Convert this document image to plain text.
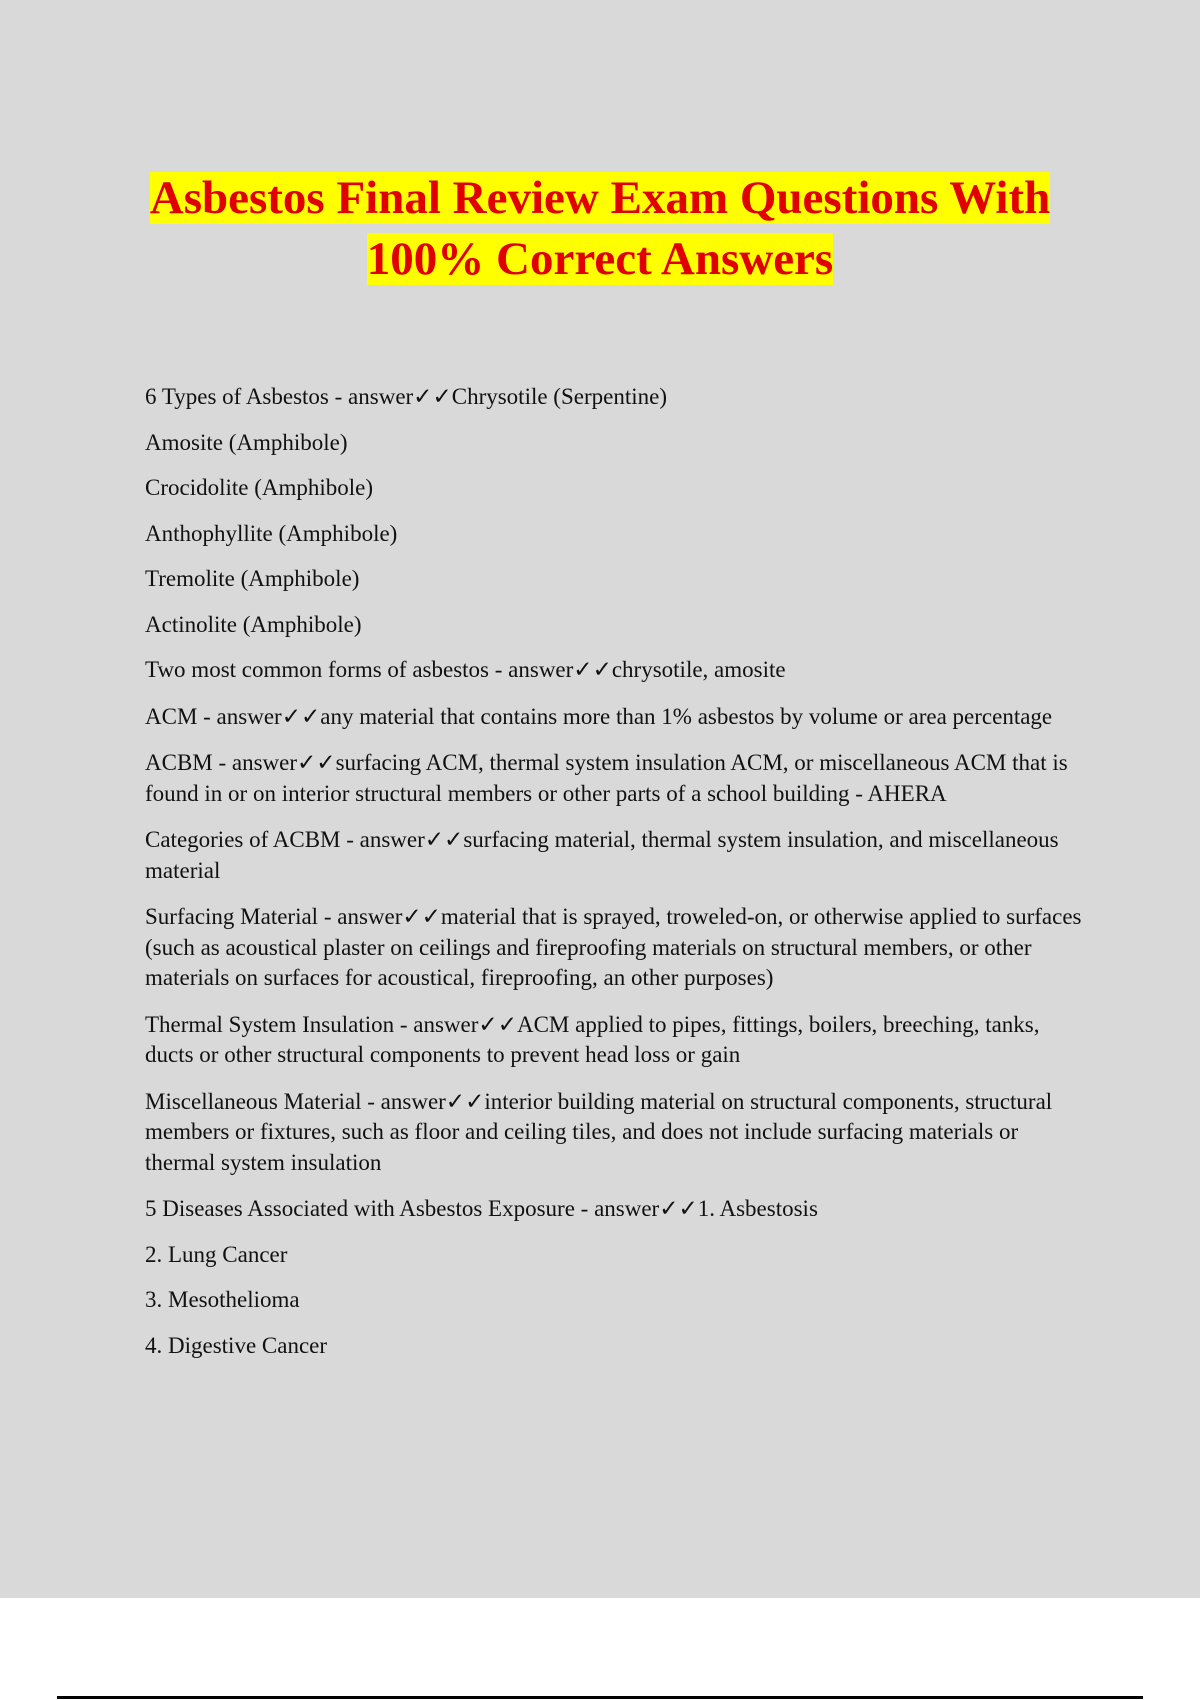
Asbestos Final Review Exam Questions With
100% Correct Answers

6 Types of Asbestos - answer✓✓Chrysotile (Serpentine)

Amosite (Amphibole)

Crocidolite (Amphibole)

Anthophyllite (Amphibole)

Tremolite (Amphibole)

Actinolite (Amphibole)

Two most common forms of asbestos - answer✓✓chrysotile, amosite

ACM - answer✓✓any material that contains more than 1% asbestos by volume or area percentage

ACBM - answer✓✓surfacing ACM, thermal system insulation ACM, or miscellaneous ACM that is found in or on interior structural members or other parts of a school building - AHERA

Categories of ACBM - answer✓✓surfacing material, thermal system insulation, and miscellaneous material

Surfacing Material - answer✓✓material that is sprayed, troweled-on, or otherwise applied to surfaces (such as acoustical plaster on ceilings and fireproofing materials on structural members, or other materials on surfaces for acoustical, fireproofing, an other purposes)

Thermal System Insulation - answer✓✓ACM applied to pipes, fittings, boilers, breeching, tanks, ducts or other structural components to prevent head loss or gain

Miscellaneous Material - answer✓✓interior building material on structural components, structural members or fixtures, such as floor and ceiling tiles, and does not include surfacing materials or thermal system insulation

5 Diseases Associated with Asbestos Exposure - answer✓✓1. Asbestosis

2. Lung Cancer

3. Mesothelioma

4. Digestive Cancer
